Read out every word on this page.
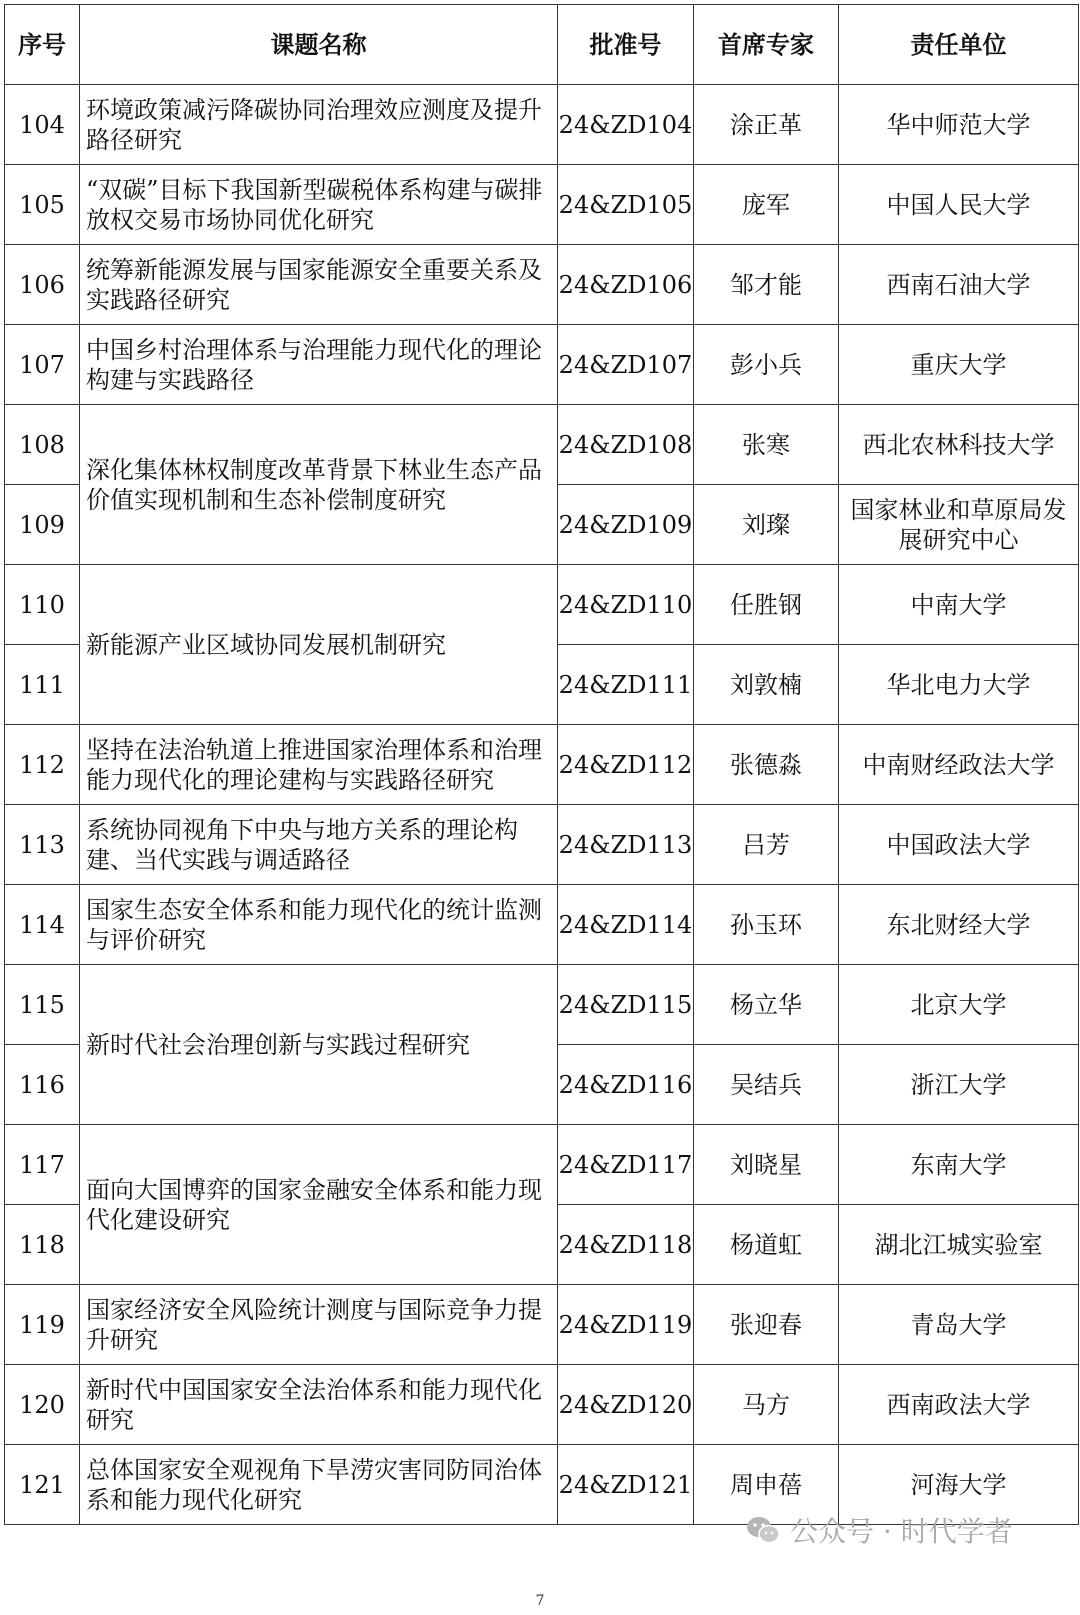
序号	课题名称	批准号	首席专家	责任单位
104	环境政策减污降碳协同治理效应测度及提升路径研究	24&ZD104	涂正革	华中师范大学
105	“双碳”目标下我国新型碳税体系构建与碳排放权交易市场协同优化研究	24&ZD105	庞军	中国人民大学
106	统筹新能源发展与国家能源安全重要关系及实践路径研究	24&ZD106	邹才能	西南石油大学
107	中国乡村治理体系与治理能力现代化的理论构建与实践路径	24&ZD107	彭小兵	重庆大学
108	深化集体林权制度改革背景下林业生态产品价值实现机制和生态补偿制度研究	24&ZD108	张寒	西北农林科技大学
109		24&ZD109	刘璨	国家林业和草原局发展研究中心
110	新能源产业区域协同发展机制研究	24&ZD110	任胜钢	中南大学
111		24&ZD111	刘敦楠	华北电力大学
112	坚持在法治轨道上推进国家治理体系和治理能力现代化的理论建构与实践路径研究	24&ZD112	张德淼	中南财经政法大学
113	系统协同视角下中央与地方关系的理论构建、当代实践与调适路径	24&ZD113	吕芳	中国政法大学
114	国家生态安全体系和能力现代化的统计监测与评价研究	24&ZD114	孙玉环	东北财经大学
115	新时代社会治理创新与实践过程研究	24&ZD115	杨立华	北京大学
116		24&ZD116	吴结兵	浙江大学
117	面向大国博弈的国家金融安全体系和能力现代化建设研究	24&ZD117	刘晓星	东南大学
118		24&ZD118	杨道虹	湖北江城实验室
119	国家经济安全风险统计测度与国际竞争力提升研究	24&ZD119	张迎春	青岛大学
120	新时代中国国家安全法治体系和能力现代化研究	24&ZD120	马方	西南政法大学
121	总体国家安全观视角下旱涝灾害同防同治体系和能力现代化研究	24&ZD121	周申蓓	河海大学
公众号 · 时代学者
7
